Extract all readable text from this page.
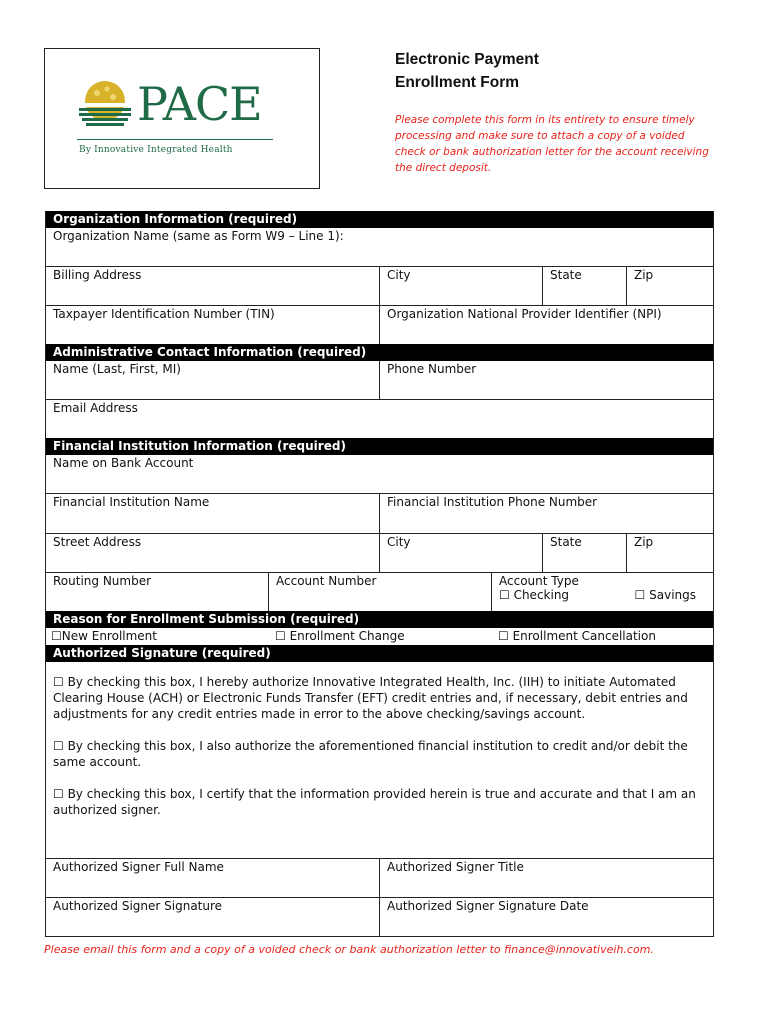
PACE
By Innovative Integrated Health
Electronic Payment
Enrollment Form
Please complete this form in its entirety to ensure timely processing and make sure to attach a copy of a voided check or bank authorization letter for the account receiving the direct deposit.
Organization Information (required)
Organization Name (same as Form W9 – Line 1):
Billing Address	City	State	Zip
Taxpayer Identification Number (TIN)	Organization National Provider Identifier (NPI)
Administrative Contact Information (required)
Name (Last, First, MI)	Phone Number
Email Address
Financial Institution Information (required)
Name on Bank Account
Financial Institution Name	Financial Institution Phone Number
Street Address	City	State	Zip
Routing Number	Account Number	Account Type
☐ Checking	☐ Savings
Reason for Enrollment Submission (required)
☐New Enrollment	☐ Enrollment Change	☐ Enrollment Cancellation
Authorized Signature (required)

☐ By checking this box, I hereby authorize Innovative Integrated Health, Inc. (IIH) to initiate Automated Clearing House (ACH) or Electronic Funds Transfer (EFT) credit entries and, if necessary, debit entries and adjustments for any credit entries made in error to the above checking/savings account.

☐ By checking this box, I also authorize the aforementioned financial institution to credit and/or debit the same account.

☐ By checking this box, I certify that the information provided herein is true and accurate and that I am an authorized signer.

Authorized Signer Full Name	Authorized Signer Title
Authorized Signer Signature	Authorized Signer Signature Date
Please email this form and a copy of a voided check or bank authorization letter to finance@innovativeih.com.
